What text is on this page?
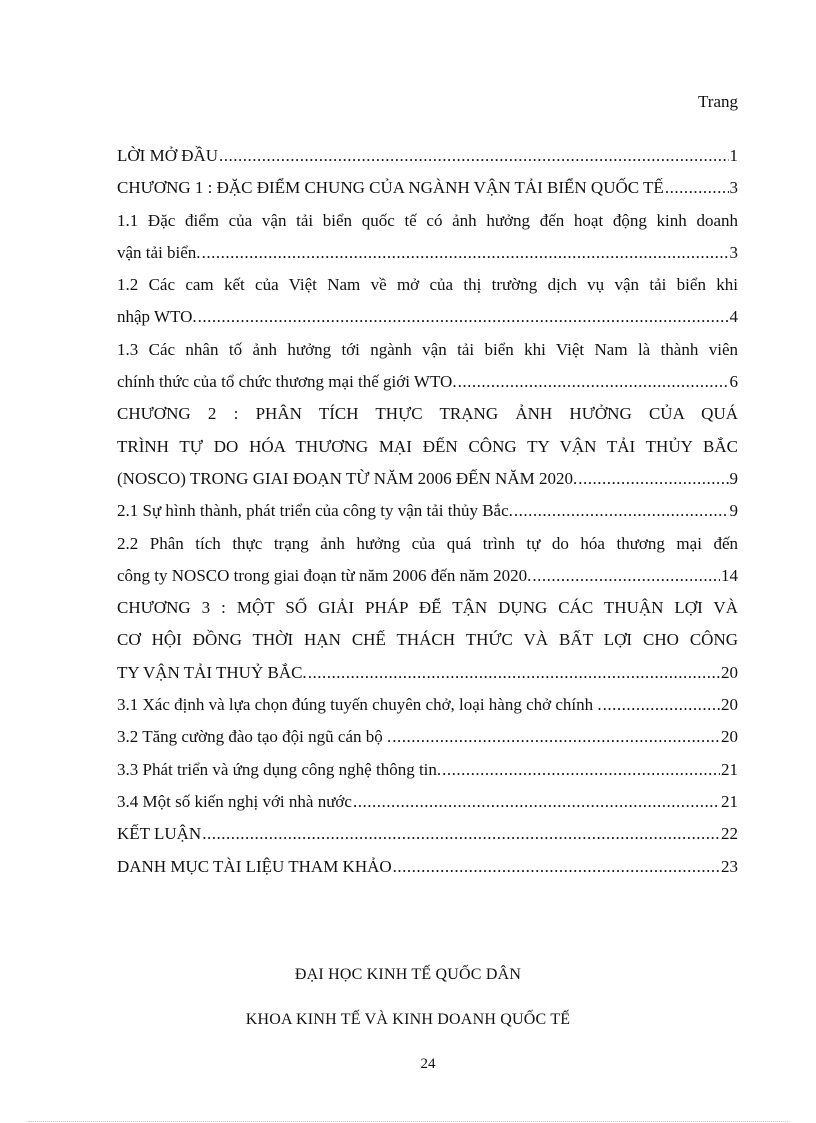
Trang
LỜI MỞ ĐẦU .....	1
CHƯƠNG 1 : ĐẶC ĐIỂM CHUNG CỦA NGÀNH VẬN TẢI BIỂN QUỐC TẾ .....	3
1.1 Đặc điểm của vận tải biển quốc tế có ảnh hưởng đến hoạt động kinh doanh
vận tải biển. .....	3
1.2 Các cam kết của Việt Nam về mở của thị trường dịch vụ vận tải biển khi
nhập WTO. .....	4
1.3 Các nhân tố ảnh hưởng tới ngành vận tải biển khi Việt Nam là thành viên
chính thức của tổ chức thương mại thế giới WTO. .....	6
CHƯƠNG 2 : PHÂN TÍCH THỰC TRẠNG ẢNH HƯỞNG CỦA QUÁ
TRÌNH TỰ DO HÓA THƯƠNG MẠI ĐẾN CÔNG TY VẬN TẢI THỦY BẮC
(NOSCO) TRONG GIAI ĐOẠN TỪ NĂM 2006 ĐẾN NĂM 2020. .....	9
2.1 Sự hình thành, phát triển của công ty vận tải thủy Bắc. .....	9
2.2 Phân tích thực trạng ảnh hưởng của quá trình tự do hóa thương mại đến
công ty NOSCO trong giai đoạn từ năm 2006 đến năm 2020. .....	14
CHƯƠNG 3 : MỘT SỐ GIẢI PHÁP ĐỂ TẬN DỤNG CÁC THUẬN LỢI VÀ
CƠ HỘI ĐỒNG THỜI HẠN CHẾ THÁCH THỨC VÀ BẤT LỢI CHO CÔNG
TY VẬN TẢI THUỶ BẮC. .....	20
3.1 Xác định và lựa chọn đúng tuyến chuyên chở, loại hàng chở chính . .....	20
3.2 Tăng cường đào tạo đội ngũ cán bộ . .....	20
3.3 Phát triển và ứng dụng công nghệ thông tin. .....	21
3.4 Một số kiến nghị với nhà nước .....	21
KẾT LUẬN .....	22
DANH MỤC TÀI LIỆU THAM KHẢO .....	23
ĐẠI HỌC KINH TẾ QUỐC DÂN
KHOA KINH TẾ VÀ KINH DOANH QUỐC TẾ
24
